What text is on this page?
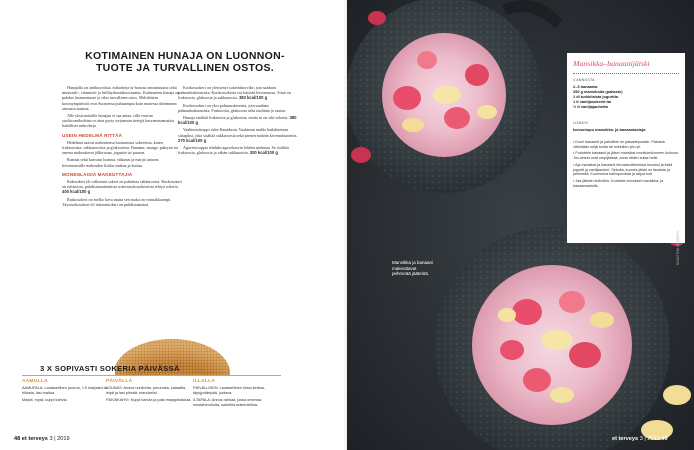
KOTIMAINEN HUNAJA ON LUONNON-TUOTE JA TURVALLINEN OSTOS.

Hunajalla on antibioottista, mikrobeja tu-hoavaa ominaisuutta sekä mineraali-, vitamiini- ja hiilihydraattikoostumus. Kotimainen hunaja on puhdas luonnontuote ja siksi turvallinen ostos. Mehiläisten kasvuympäristöt ovat Suomessa puhtaampia kuin monessa tiheämmin asutussa maassa.

Alle yksivuotiaille hunajaa ei saa antaa, sillä vauvan suolistomikrobisto ei aina pysty torjumaan tiettyjä kasvamistamaisia haitallisia mikrobeja.

USEIN HEDELMÄ RITTÄÄ

Hedelmät saavat makeutensa luontaisista sokereista, kuten fruktoosista, sakkaroosista ja glukoosista. Banaani, mango, päärynä tai omena makeuttavat jälkiruoan, jogurtin tai puuron.

Rusinat sekä kuivatut luumut, viikunat ja marjat antavat leivonnaisiille makeuden lisäksi makua ja kuitua.

MONENLAISIA MAKEUTTAJIA

Kidesokeri eli valkoinen sokeri on puhdasta sakkaroosia. Ruskosokeri on erilaisista, puhdistamattomista sokeriruokosokereista tehtyä sokeria. 400 kcal/100 g

Ruskosokeri on melko kova mutta sen maku on voimakkaampi. Täysruokosokeri eli intiaanisokeri on puhdistamaton.

Kookossokeri on yleistynyt sokerinkorvike, jota saadaan palmunkukinnoista. Kookossokeria voi käyttää leivonnassa. Siinä on fruktoosia, glukoosia ja sakkaroosia. 382 kcal/100 g

Kookossokeri on yksi palmusokereista, jota saadaan palmunkukinnoista. Fruktoosia, glukoosia sekä inuliinia ja rautaa.

Hunaja sisältää fruktoosia ja glukoosia, mutta se on silti sokeria. 380 kcal/100 g

Vaahterasiirappi tulee Kanadasta. Vaahteran mahla haihdutetaan siirapiksi, joka sisältää sakkaroosia sekä pienen määrän kivennäisaineita. 270 kcal/100 g

Agavesiirappia tehdään agavekasvin lehtien mehusta. Se sisältää fruktoosia, glukoosia ja vähän sakkaroosia. 300 kcal/100 g

3 X SOPIVASTI SOKERIA PÄIVÄSSÄ
AAMULLA

AAMUPALA: Lautasellinen puuroa, 1 tl marjasta tai hillosta, lasi maitoa.

Marjat, mysli, kuppi kahvia.

PÄIVÄLLÄ

LOUNAS: Annos uunilohta, perunoita, salaattia, leipä ja lasi piimää, mandariini.

PÄIVÄKAHVI: Kuppi kahvia ja pala marjapiirakkaa.

ILLALLA

PÄIVÄLLINEN: Lautasellinen linssi-keittoa, täysjyväleipää, juotava.

ILTAPALA: Annos rahkaa, jossa omenaa, mustaherukoita, sokerilla makeutettua.

48 et terveys 3 | 2019
Mansikka–banaanijätski
4 ANNOSTA
2–3 banaania
250 g mansikoita (pakaste)
1 dl turkkilaista jogurttia
1 tl vaniljasokeria tai
½ tl vaniljajauhetta
LISÄKSI
koivuntupu mansikka- ja banaaniastuja

• Kuori banaanit ja paloittele ne pakastepussiin. Pakasta vähintään neljä tuntia tai mieluiten yön yli.

• Pudottele banaanit ja jäiset mansikat monitoimikoneen kulhoon. Jos aineet ovat umpijäässä, anna niiden sulaa hetki.

• Aja mansikat ja banaanit tehosekoittimessa muruksi ja lisää jogurtti ja vaniljasokeri. Sekoita, kunnes jätski on tasaista ja pehmeää. Kuumenna kahviporoista ja tarjoa heti.

• Jaa jätskiin kulhoihin. Koristele annokset mansikka- ja banaaniastuilla.

Mansikka ja banaani makeuttavat pehmeää jäätelöä.
KUVAT EVA LINDBERG
et terveys 3 | 2019 49
